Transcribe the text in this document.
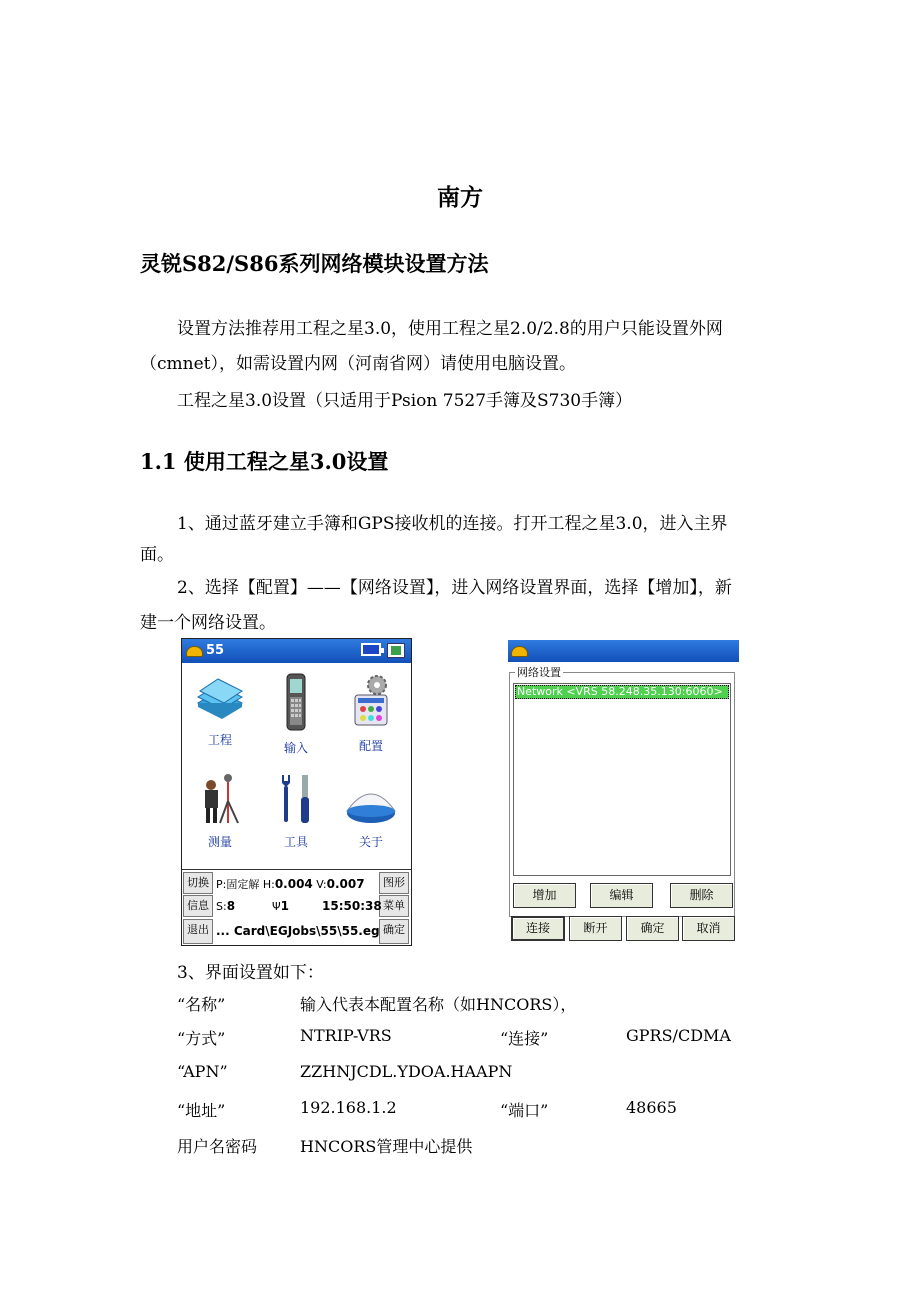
南方
灵锐S82/S86系列网络模块设置方法
设置方法推荐用工程之星3.0，使用工程之星2.0/2.8的用户只能设置外网
（cmnet），如需设置内网（河南省网）请使用电脑设置。
工程之星3.0设置（只适用于Psion 7527手簿及S730手簿）
1.1 使用工程之星3.0设置
1、通过蓝牙建立手簿和GPS接收机的连接。打开工程之星3.0，进入主界
面。
2、选择【配置】——【网络设置】，进入网络设置界面，选择【增加】，新
建一个网络设置。
55
工程
输入	配置
测量	工具	关于
切换
信息
退出
图形
菜单
确定
P:固定解 H:0.004 V:0.007
S:8	Ψ1	15:50:38
... Card\EGJobs\55\55.eg
网络设置
Network <VRS 58.248.35.130:6060>
增加	编辑	删除
连接	断开	确定	取消
3、界面设置如下：
“名称”	输入代表本配置名称（如HNCORS），
“方式”	NTRIP-VRS	“连接”	GPRS/CDMA
“APN”	ZZHNJCDL.YDOA.HAAPN
“地址”	192.168.1.2	“端口”	48665
用户名密码	HNCORS管理中心提供
